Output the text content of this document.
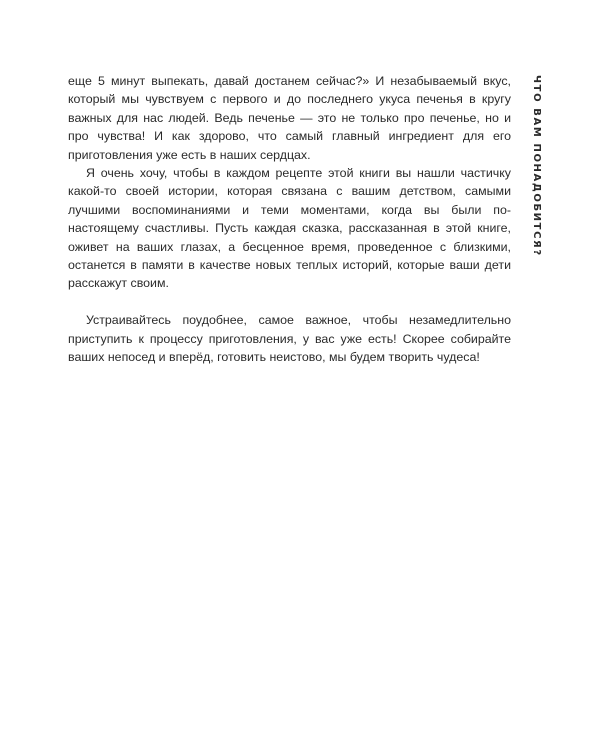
еще 5 минут выпекать, давай достанем сейчас?» И незабываемый вкус, который мы чувствуем с первого и до последнего укуса печенья в кругу важных для нас людей. Ведь печенье — это не только про печенье, но и про чувства! И как здорово, что самый главный ингредиент для его приготовления уже есть в наших сердцах.

Я очень хочу, чтобы в каждом рецепте этой книги вы нашли частичку какой-то своей истории, которая связана с вашим детством, самыми лучшими воспоминаниями и теми моментами, когда вы были по-настоящему счастливы. Пусть каждая сказка, рассказанная в этой книге, оживет на ваших глазах, а бесценное время, проведенное с близкими, останется в памяти в качестве новых теплых историй, которые ваши дети расскажут своим.

Устраивайтесь поудобнее, самое важное, чтобы незамедлительно приступить к процессу приготовления, у вас уже есть! Скорее собирайте ваших непосед и вперёд, готовить неистово, мы будем творить чудеса!

ЧТО ВАМ ПОНАДОБИТСЯ?
